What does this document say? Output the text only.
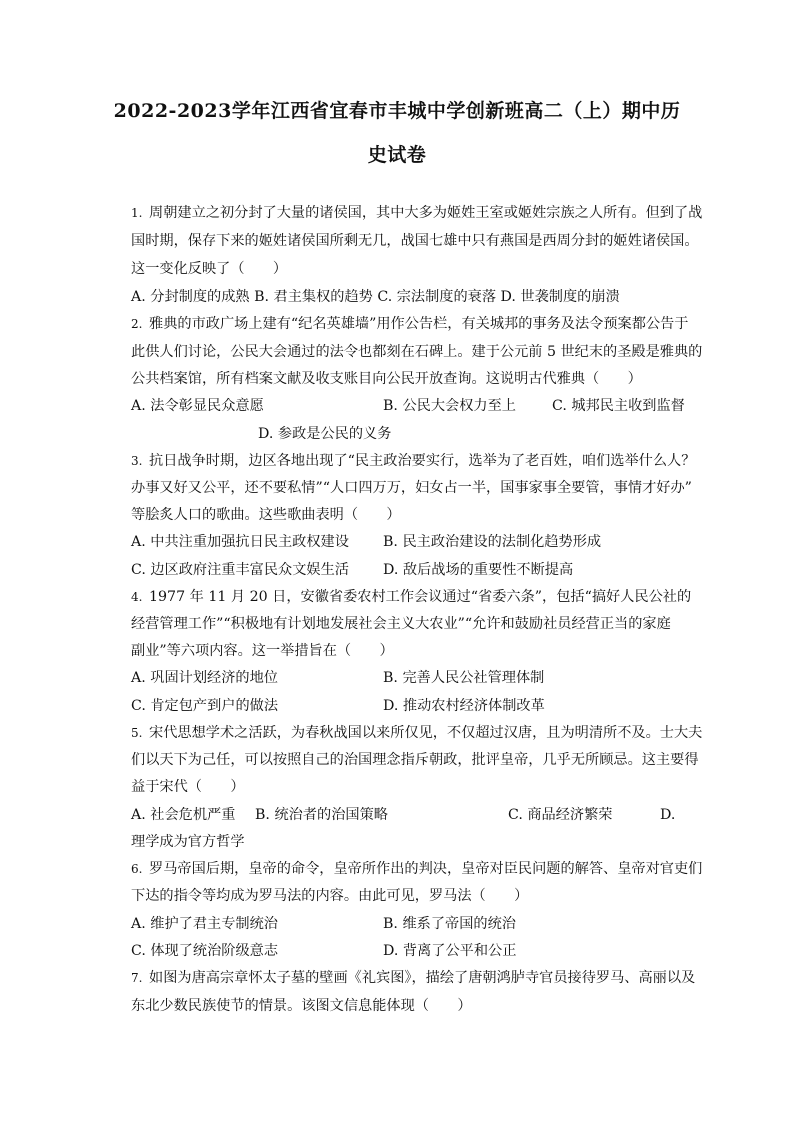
2022-2023学年江西省宜春市丰城中学创新班高二（上）期中历
史试卷
1. 周朝建立之初分封了大量的诸侯国，其中大多为姬姓王室或姬姓宗族之人所有。但到了战
国时期，保存下来的姬姓诸侯国所剩无几，战国七雄中只有燕国是西周分封的姬姓诸侯国。
这一变化反映了（　　）
A. 分封制度的成熟 B. 君主集权的趋势 C. 宗法制度的衰落 D. 世袭制度的崩溃
2. 雅典的市政广场上建有“纪名英雄墙”用作公告栏，有关城邦的事务及法令预案都公告于
此供人们讨论，公民大会通过的法令也都刻在石碑上。建于公元前 5 世纪末的圣殿是雅典的
公共档案馆，所有档案文献及收支账目向公民开放查询。这说明古代雅典（　　）
A. 法令彰显民众意愿	B. 公民大会权力至上	C. 城邦民主收到监督
D. 参政是公民的义务
3. 抗日战争时期，边区各地出现了“民主政治要实行，选举为了老百姓，咱们选举什么人？
办事又好又公平，还不要私情”“人口四万万，妇女占一半，国事家事全要管，事情才好办”
等脍炙人口的歌曲。这些歌曲表明（　　）
A. 中共注重加强抗日民主政权建设 B. 民主政治建设的法制化趋势形成
C. 边区政府注重丰富民众文娱生活 D. 敌后战场的重要性不断提高
4. 1977 年 11 月 20 日，安徽省委农村工作会议通过“省委六条”，包括“搞好人民公社的
经营管理工作”“积极地有计划地发展社会主义大农业”“允许和鼓励社员经营正当的家庭
副业”等六项内容。这一举措旨在（　　）
A. 巩固计划经济的地位	B. 完善人民公社管理体制
C. 肯定包产到户的做法	D. 推动农村经济体制改革
5. 宋代思想学术之活跃，为春秋战国以来所仅见，不仅超过汉唐，且为明清所不及。士大夫
们以天下为己任，可以按照自己的治国理念指斥朝政，批评皇帝，几乎无所顾忌。这主要得
益于宋代（　　）
A. 社会危机严重 B. 统治者的治国策略	C. 商品经济繁荣	D.
理学成为官方哲学
6. 罗马帝国后期，皇帝的命令，皇帝所作出的判决，皇帝对臣民问题的解答、皇帝对官吏们
下达的指令等均成为罗马法的内容。由此可见，罗马法（　　）
A. 维护了君主专制统治	B. 维系了帝国的统治
C. 体现了统治阶级意志	D. 背离了公平和公正
7. 如图为唐高宗章怀太子墓的壁画《礼宾图》，描绘了唐朝鸿胪寺官员接待罗马、高丽以及
东北少数民族使节的情景。该图文信息能体现（　　）
